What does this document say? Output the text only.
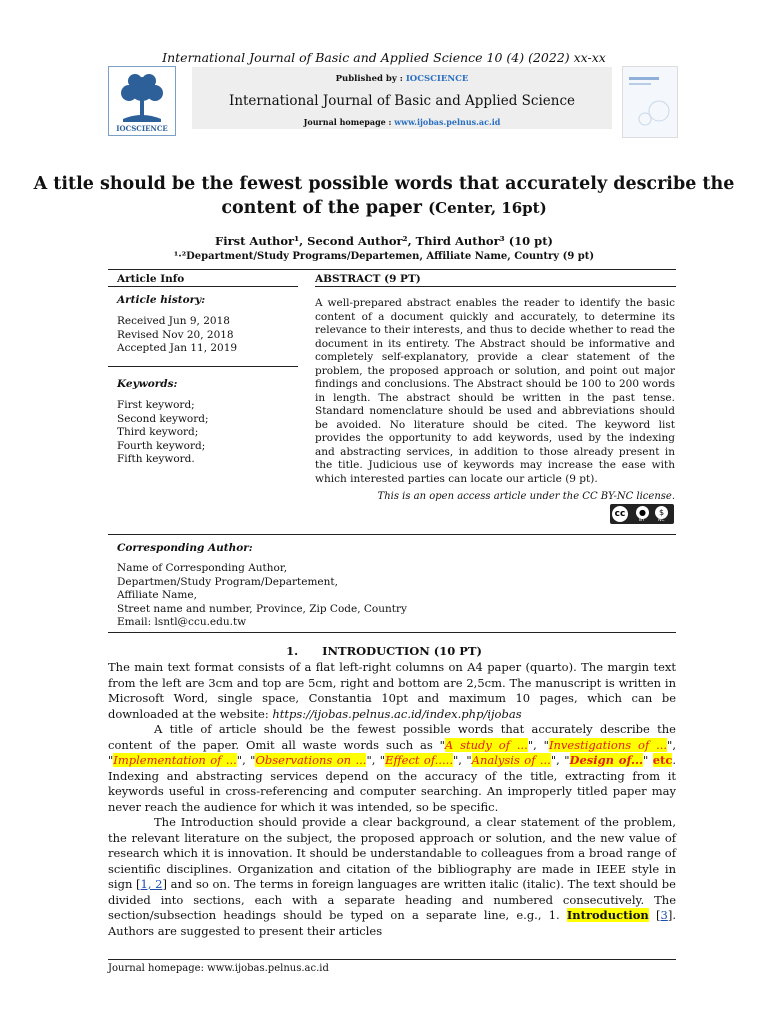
International Journal of Basic and Applied Science 10 (4) (2022) xx-xx
IOCSCIENCE
Published by : IOCSCIENCE
International Journal of Basic and Applied Science
Journal homepage : www.ijobas.pelnus.ac.id
A title should be the fewest possible words that accurately describe the content of the paper (Center, 16pt)
First Author¹, Second Author², Third Author³ (10 pt)
¹·²Department/Study Programs/Departemen, Affiliate Name, Country (9 pt)
Article Info	ABSTRACT (9 PT)
Article history:
Received Jun 9, 2018
Revised Nov 20, 2018
Accepted Jan 11, 2019
Keywords:
First keyword;
Second keyword;
Third keyword;
Fourth keyword;
Fifth keyword.
A well-prepared abstract enables the reader to identify the basic content of a document quickly and accurately, to determine its relevance to their interests, and thus to decide whether to read the document in its entirety. The Abstract should be informative and completely self-explanatory, provide a clear statement of the problem, the proposed approach or solution, and point out major findings and conclusions. The Abstract should be 100 to 200 words in length. The abstract should be written in the past tense. Standard nomenclature should be used and abbreviations should be avoided. No literature should be cited. The keyword list provides the opportunity to add keywords, used by the indexing and abstracting services, in addition to those already present in the title. Judicious use of keywords may increase the ease with which interested parties can locate our article (9 pt).
This is an open access article under the CC BY-NC license.
cc	●	$
BY	NC
Corresponding Author:
Name of Corresponding Author,
Departmen/Study Program/Departement,
Affiliate Name,
Street name and number, Province, Zip Code, Country
Email: lsntl@ccu.edu.tw
1.      INTRODUCTION (10 PT)

The main text format consists of a flat left-right columns on A4 paper (quarto). The margin text from the left are 3cm and top are 5cm, right and bottom are 2,5cm. The manuscript is written in Microsoft Word, single space, Constantia 10pt and maximum 10 pages, which can be downloaded at the website: https://ijobas.pelnus.ac.id/index.php/ijobas

A title of article should be the fewest possible words that accurately describe the content of the paper. Omit all waste words such as "A study of ...", "Investigations of ...", "Implementation of ...", "Observations on ...", "Effect of.....", "Analysis of ...", "Design of..." etc. Indexing and abstracting services depend on the accuracy of the title, extracting from it keywords useful in cross-referencing and computer searching. An improperly titled paper may never reach the audience for which it was intended, so be specific.

The Introduction should provide a clear background, a clear statement of the problem, the relevant literature on the subject, the proposed approach or solution, and the new value of research which it is innovation. It should be understandable to colleagues from a broad range of scientific disciplines. Organization and citation of the bibliography are made in IEEE style in sign [1, 2] and so on. The terms in foreign languages are written italic (italic). The text should be divided into sections, each with a separate heading and numbered consecutively. The section/subsection headings should be typed on a separate line, e.g., 1. Introduction [3]. Authors are suggested to present their articles

Journal homepage: www.ijobas.pelnus.ac.id
